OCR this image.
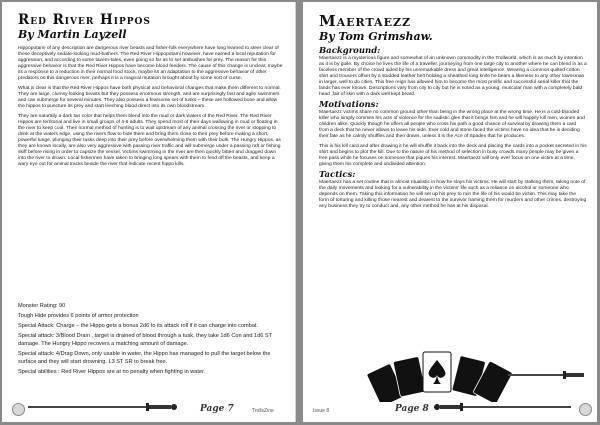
Red River Hippos
By Martin Layzell

Hippopotami of any description are dangerous river beasts and fisher-folk everywhere have long learned to steer clear of these deceptively sedate-looking mud-bathers. The Red River Hippopotami however, have earned a local reputation for aggression, and according to some tavern-tales, even going so far as to set ambushes for prey. The reason for this aggressive behavior is that the Red River Hippos have become blood feeders. The cause of this change is unclear, maybe its a response to a reduction in their normal food stock, maybe its an adaptation to the aggressive behavior of other predators on this dangerous river, perhaps it is a magical mutation brought about by some sort of curse.

What is clear is that the Red River Hippos have both physical and behavioral changes that make them different to normal. They are large, clumsy looking beasts but they possess enormous strength, and are surprisingly fast and agile swimmers and can submerge for several minutes. They also possess a fearsome set of tusks – these are hollowed bone and allow the hippos to puncture its prey and start leeching blood direct into its own bloodstream.

They are naturally a dark tan color that helps them blend into the mud or dark waters of the Red River. The Red River Hippos are territorial and live in small groups of 4-6 adults. They spend most of their days wallowing in mud or floating in the river to keep cool. Their normal method of hunting is to wait upstream of any animal crossing the river or stopping to drink at the waters edge, using the rivers flow to hide them and bring them close to their prey before making a short, powerful lunge, plunging their tusks deep into their prey before overwhelming them with their bulk. The Hungry Hippos, as they are known locally, are also very aggressive with passing river traffic and will submerge under a passing raft or fishing skiff before rising in order to capsize the vessel. Victims swimming in the river are then quickly bitten and dragged down into the river to drown. Local fishermen have taken to bringing long spears with them to fend off the beasts, and keep a wary eye out for animal tracks beside the river that indicate recent hippo kills.

Monster Rating: 90

Tough Hide provides 6 points of armor protection

Special Attack: Charge – the Hippo gets a bonus 2d6 to its attack roll if it can charge into combat.

Special attack: 3/Blood Drain , target is drained of blood through a tusk, they take 1d6 Con and 1d6 ST damage. The Hungry Hippo recovers a matching amount of damage.

Special attack: 4/Drag Down, only usable in water, the Hippo has managed to pull the target below the surface and they will start drowning. L3 ST SR to break free.

Special abilities : Red River Hippos are at no penalty when fighting in water.

Page 7	TrollsZine
Maertaezz
By Tom Grimshaw.
Background:

Maertaezz is a mysterious figure and somewhat of an unknown commodity in the Trollworld, which is as much by intention as it is by guile. By choice he lives the life of a traveller, journeying from one large city to another where he can blend in as a faceless member of the crowd aided by his unremarkable dress and great intelligence. Wearing a common quilted cotton shirt and trousers offset by a studded leather belt holding a sheathed long knife he bears a likeness to any other townsman in larger, well to do cities. This free reign has allowed him to become the most prolific and successful serial killer that the lands has ever known. Descriptions vary from city to city but he is noted as a young, muscular man with a completely bald head ,fair of skin with a dark well kept beard.

Motivations:

Maertaezz victims share no common ground other than being in the wrong place at the wrong time. He is a cold-blooded killer who simply commits his acts of violence for the sadistic glee that it brings him and he will happily kill men, women and children alike. Quickly though he offers all people who cross his path a good chance of survival by drawing them a card from a deck that he never allows to leave his side. Ever cold and stone faced the victims have no idea that he is deciding their fate as he calmly shuffles and then draws, unless it is the Ace of Spades that he produces.

This is his kill card and after drawing it he will shuffle it back into the deck and placing the cards into a pocket secreted in his shirt and begins to plot the kill. Due to the nature of his method of selection in busy crowds many people may be given a free pass while he focuses on someone that piques his interest. Maertaezz will only ever focus on one victim at a time, giving them his complete and undivided attention.

Tactics:

Maertaezz has a set routine that is almost ritualistic in how he slays his victims. He will start by stalking them, taking note of the daily movements and looking for a vulnerability in the victims' life such as a reliance on alcohol or someone who depends on them. Taking this information he will set up his prey to ruin the life of his would be victim. This may take the form of torturing and killing those nearest and dearest to the survivor framing them for murders and other crimes, destroying any business they try to conduct and, any other method he has at his disposal.

Issue 8	Page 8
